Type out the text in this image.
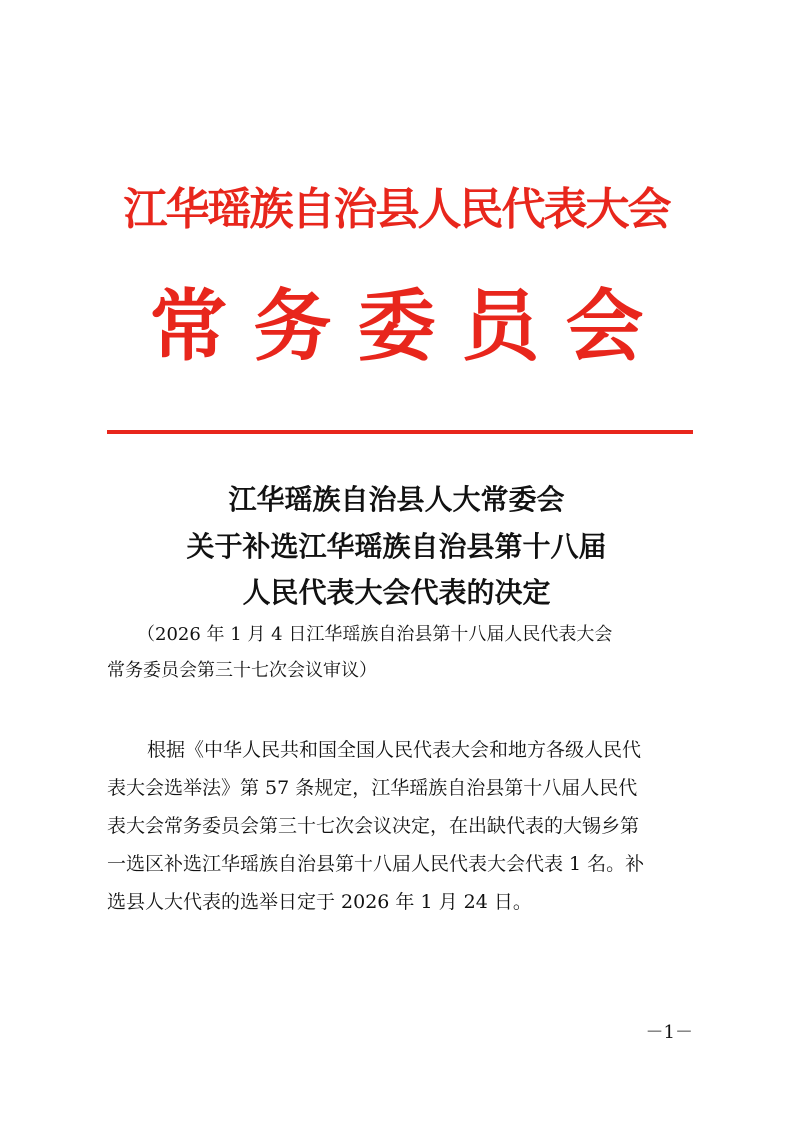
江华瑶族自治县人民代表大会
常务委员会
江华瑶族自治县人大常委会
关于补选江华瑶族自治县第十八届
人民代表大会代表的决定
（2026 年 1 月 4 日江华瑶族自治县第十八届人民代表大会
常务委员会第三十七次会议审议）
根据《中华人民共和国全国人民代表大会和地方各级人民代
表大会选举法》第 57 条规定，江华瑶族自治县第十八届人民代
表大会常务委员会第三十七次会议决定，在出缺代表的大锡乡第
一选区补选江华瑶族自治县第十八届人民代表大会代表 1 名。补
选县人大代表的选举日定于 2026 年 1 月 24 日。
－1－
